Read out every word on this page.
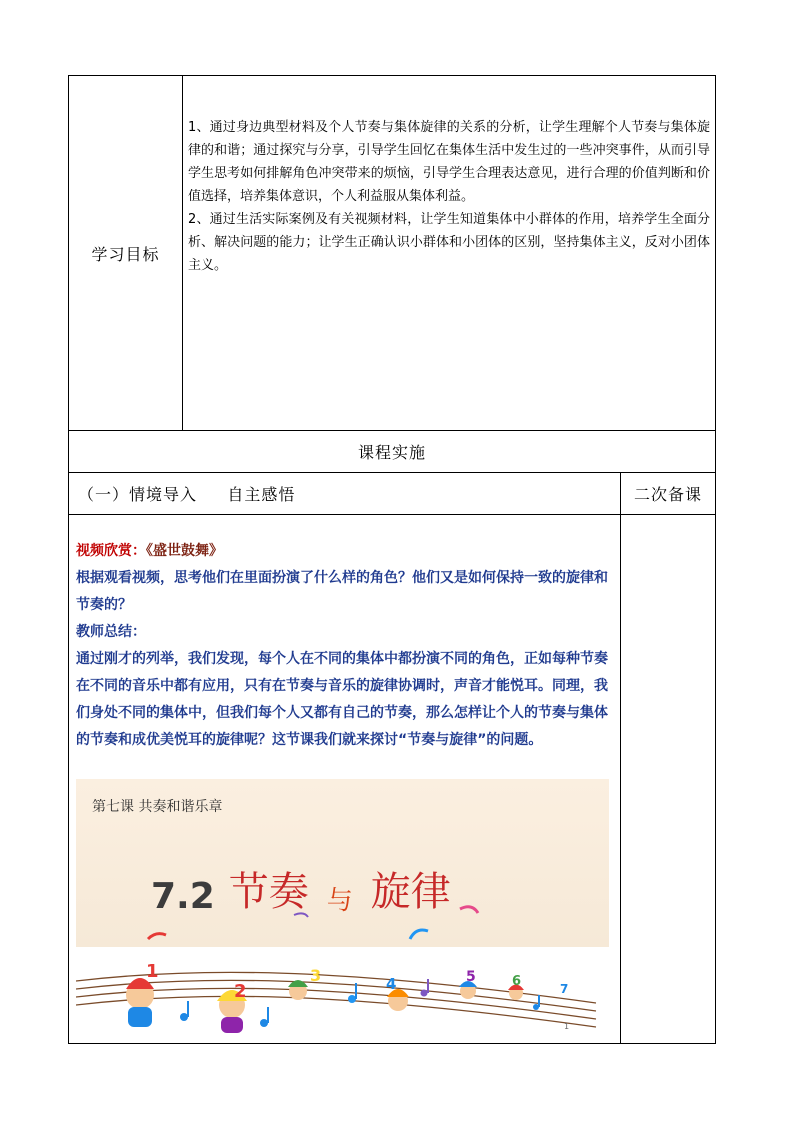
学习目标

1、通过身边典型材料及个人节奏与集体旋律的关系的分析，让学生理解个人节奏与集体旋律的和谐；通过探究与分享，引导学生回忆在集体生活中发生过的一些冲突事件，从而引导学生思考如何排解角色冲突带来的烦恼，引导学生合理表达意见，进行合理的价值判断和价值选择，培养集体意识，个人利益服从集体利益。

2、通过生活实际案例及有关视频材料，让学生知道集体中小群体的作用，培养学生全面分析、解决问题的能力；让学生正确认识小群体和小团体的区别，坚持集体主义，反对小团体主义。

课程实施
（一）情境导入     自主感悟	二次备课

视频欣赏：《盛世鼓舞》

根据观看视频，思考他们在里面扮演了什么样的角色？他们又是如何保持一致的旋律和节奏的？

教师总结：

通过刚才的列举，我们发现，每个人在不同的集体中都扮演不同的角色，正如每种节奏在不同的音乐中都有应用，只有在节奏与音乐的旋律协调时，声音才能悦耳。同理，我们身处不同的集体中，但我们每个人又都有自己的节奏，那么怎样让个人的节奏与集体的节奏和成优美悦耳的旋律呢？这节课我们就来探讨“节奏与旋律”的问题。

第七课 共奏和谐乐章
7.2 节 奏 与 旋 律
1
2
3	4	5	6	7
1
